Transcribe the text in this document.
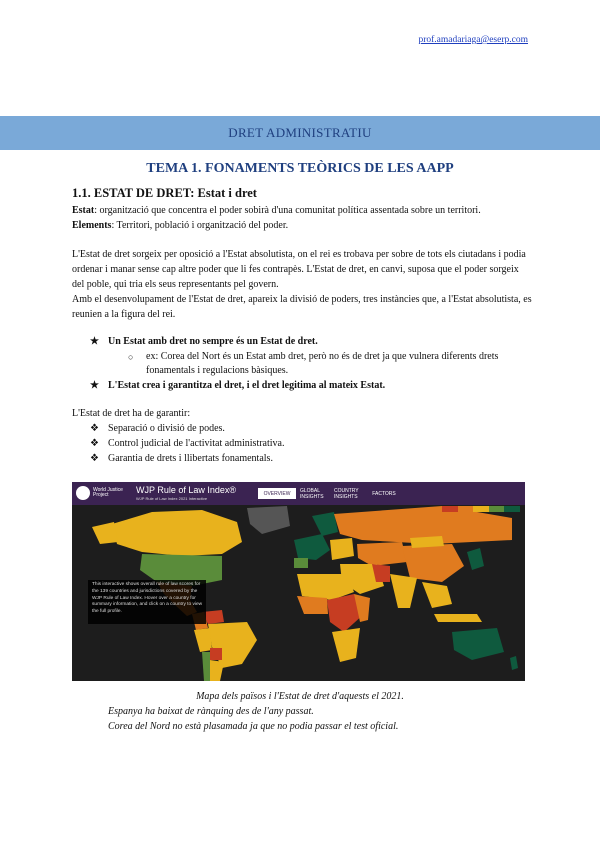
prof.amadariaga@eserp.com
DRET ADMINISTRATIU
TEMA 1. FONAMENTS TEÒRICS DE LES AAPP
1.1. ESTAT DE DRET: Estat i dret
Estat: organització que concentra el poder sobirà d'una comunitat política assentada sobre un territori.
Elements: Territori, població i organització del poder.
L'Estat de dret sorgeix per oposició a l'Estat absolutista, on el rei es trobava per sobre de tots els ciutadans i podia ordenar i manar sense cap altre poder que li fes contrapès. L'Estat de dret, en canvi, suposa que el poder sorgeix del poble, qui tria els seus representants pel govern.
Amb el desenvolupament de l'Estat de dret, apareix la divisió de poders, tres instàncies que, a l'Estat absolutista, es reunien a la figura del rei.
★ Un Estat amb dret no sempre és un Estat de dret.
○	ex: Corea del Nort és un Estat amb dret, però no és de dret ja que vulnera diferents drets fonamentals i regulacions bàsiques.
★ L'Estat crea i garantitza el dret, i el dret legitima al mateix Estat.
L'Estat de dret ha de garantir:
❖ Separació o divisió de podes.
❖ Control judicial de l'activitat administrativa.
❖ Garantia de drets i llibertats fonamentals.
World Justice Project	WJP Rule of Law Index®
WJP Rule of Law Index 2021 Interactive
OVERVIEW	GLOBAL INSIGHTS
COUNTRY INSIGHTS	FACTORS
This interactive shows overall rule of law scores for the 139 countries and jurisdictions covered by the WJP Rule of Law Index. Hover over a country for summary information, and click on a country to view the full profile.
Mapa dels països i l'Estat de dret d'aquests el 2021.
Espanya ha baixat de rànquing des de l'any passat.
Corea del Nord no està plasamada ja que no podia passar el test oficial.
